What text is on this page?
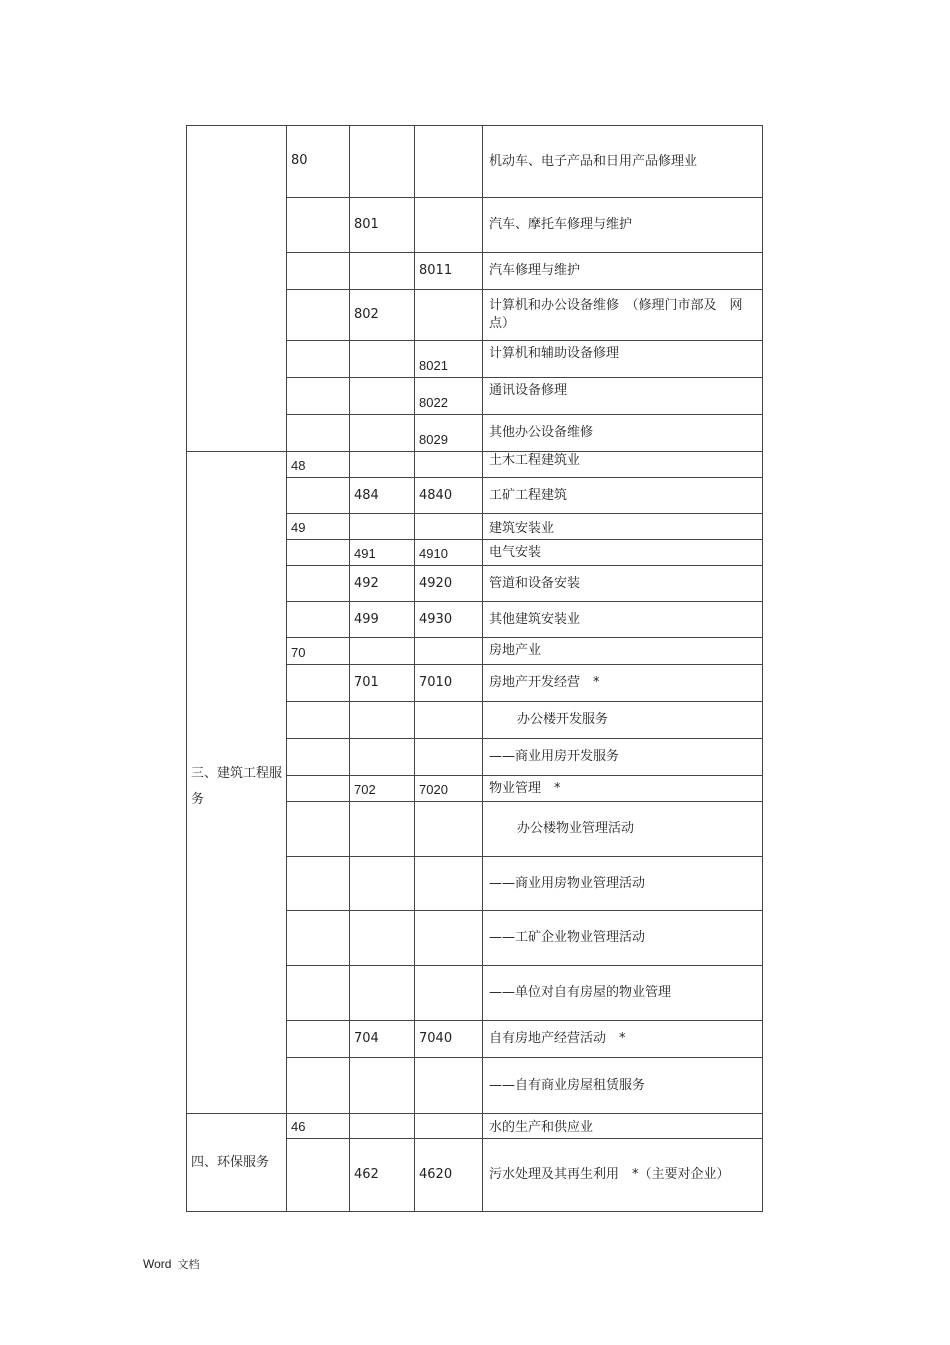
	80			机动车、电子产品和日用产品修理业
		801		汽车、摩托车修理与维护
			8011	汽车修理与维护
		802		计算机和办公设备维修　（修理门市部及　网点）
			8021	计算机和辅助设备修理
			8022	通讯设备修理
			8029	其他办公设备维修
三、建筑工程服务	48			土木工程建筑业
		484	4840	工矿工程建筑
	49			建筑安装业
		491	4910	电气安装
		492	4920	管道和设备安装
		499	4930	其他建筑安装业
	70			房地产业
		701	7010	房地产开发经营　*
				办公楼开发服务
				——商业用房开发服务
		702	7020	物业管理　*
				办公楼物业管理活动
				——商业用房物业管理活动
				——工矿企业物业管理活动
				——单位对自有房屋的物业管理
		704	7040	自有房地产经营活动　*
				——自有商业房屋租赁服务
四、环保服务	46			水的生产和供应业
		462	4620	污水处理及其再生利用　*（主要对企业）
Word 文档
